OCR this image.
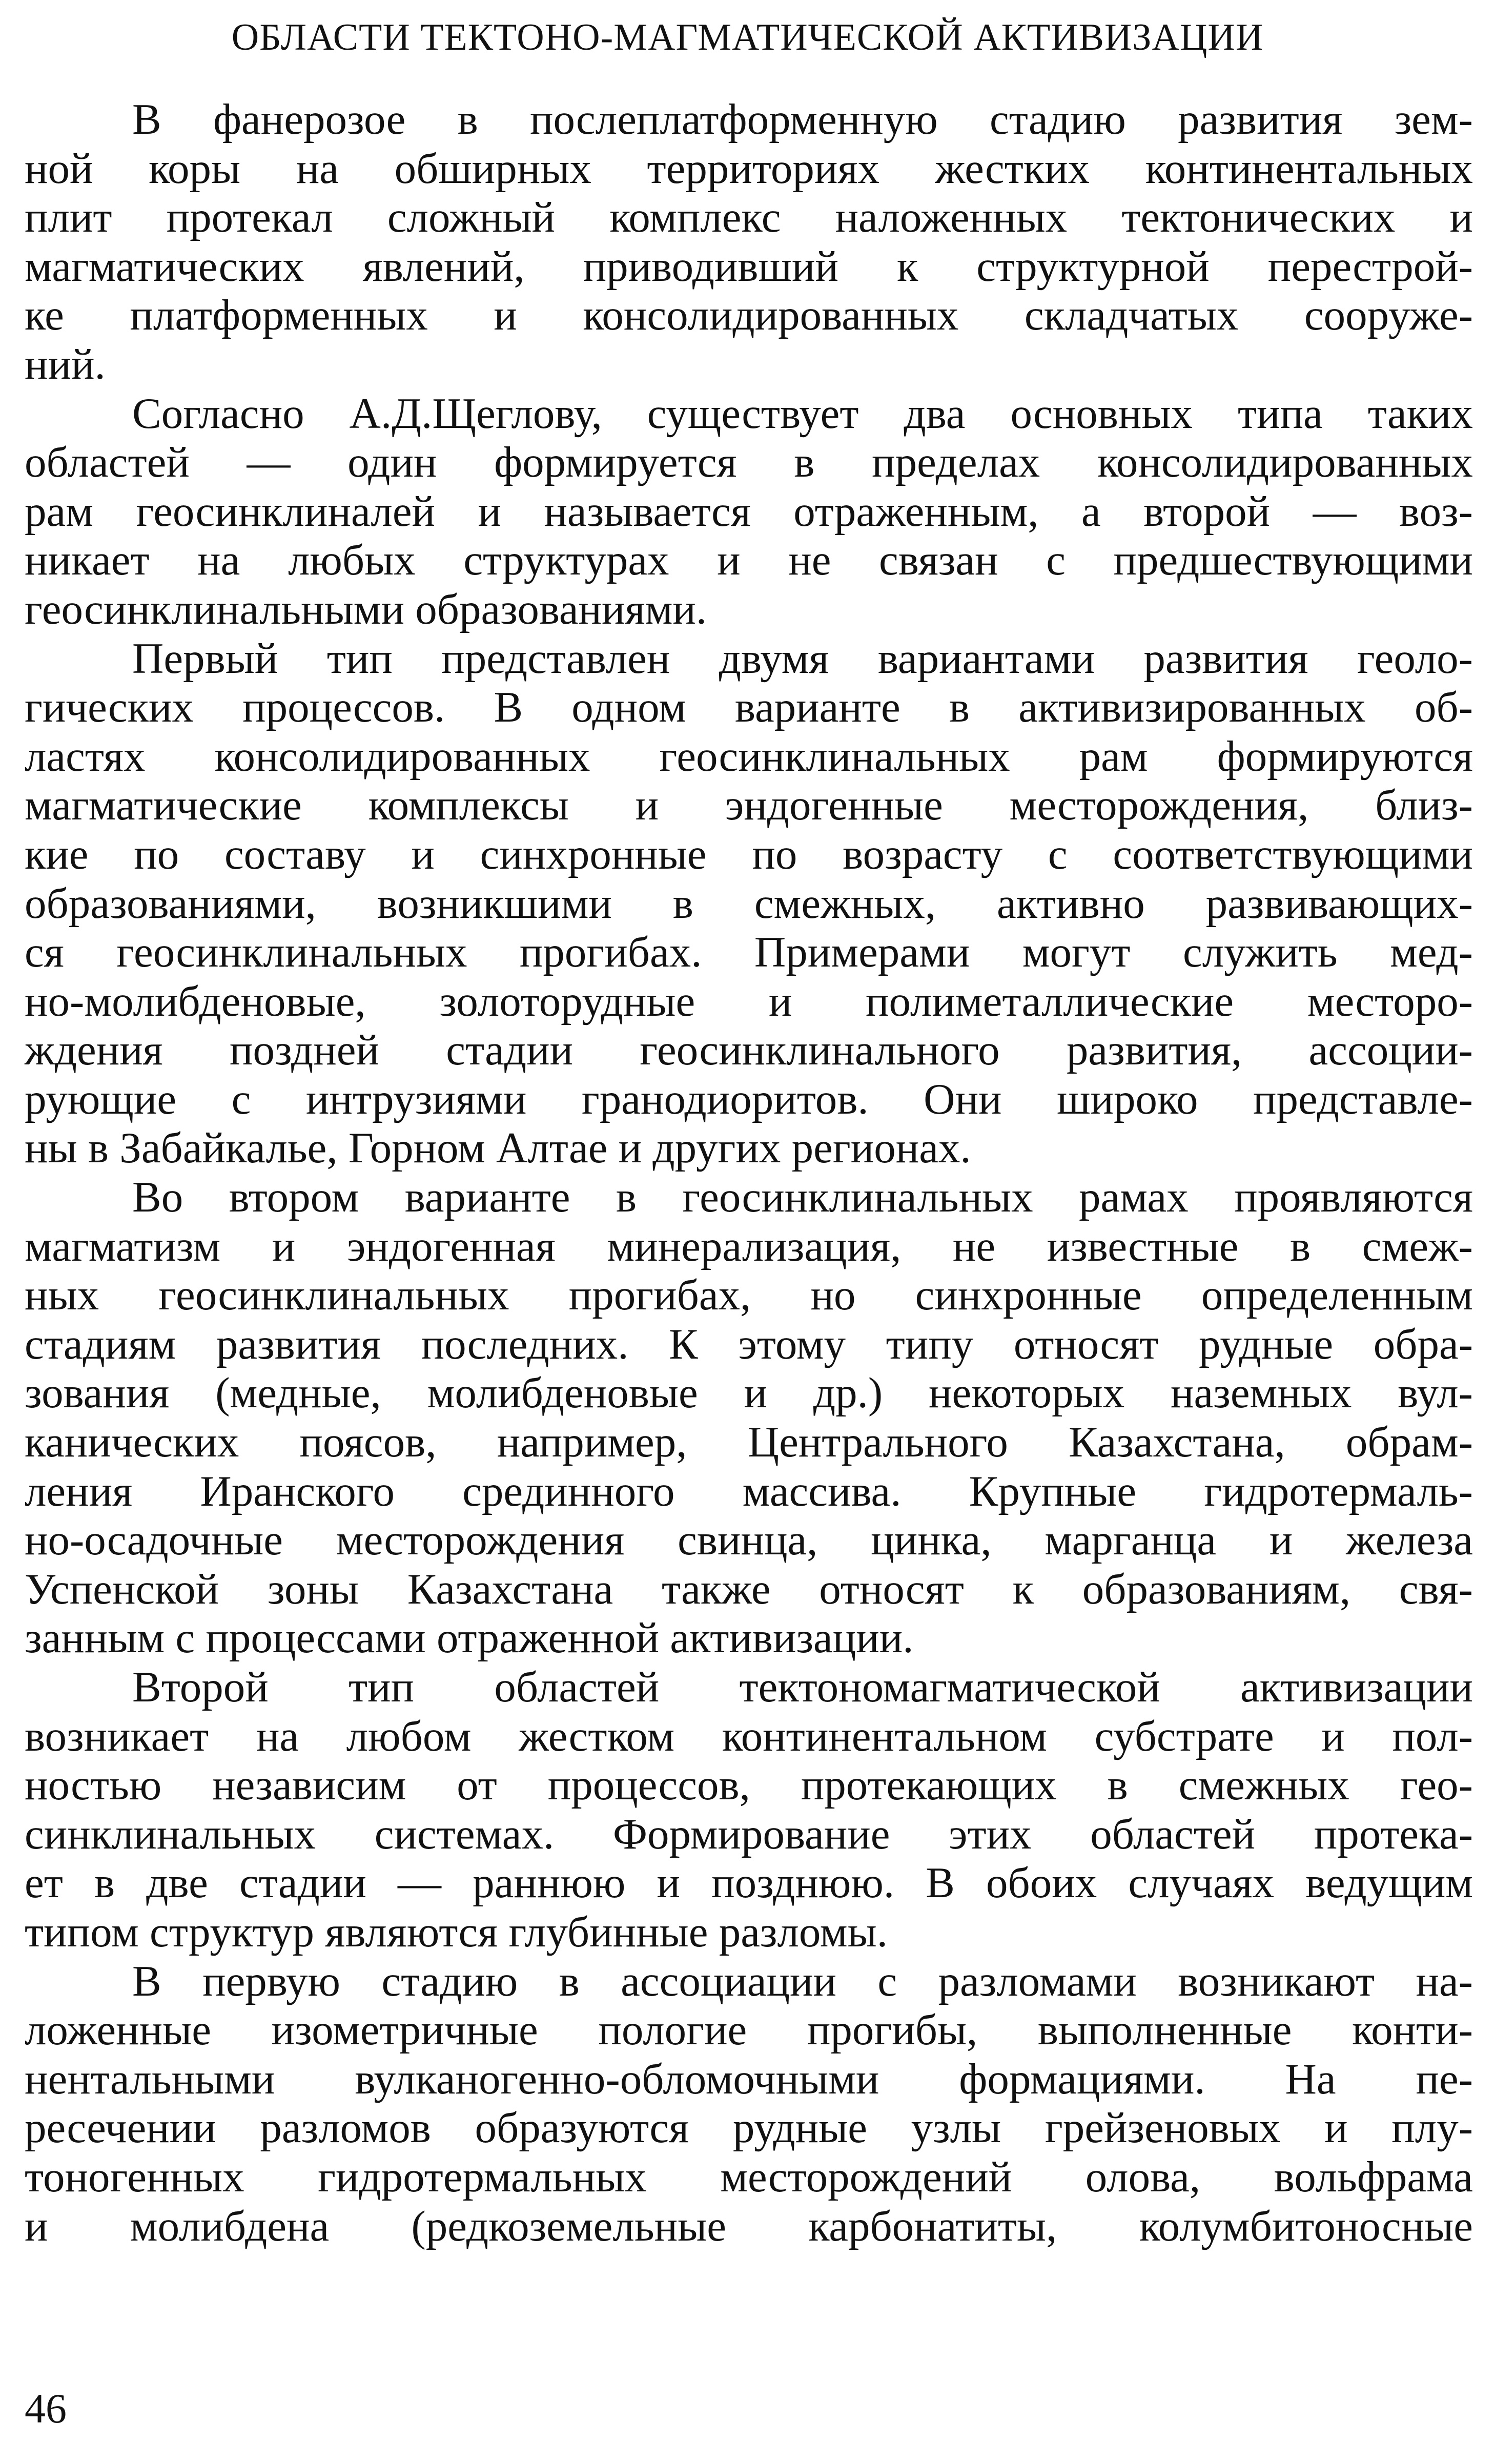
ОБЛАСТИ ТЕКТОНО-МАГМАТИЧЕСКОЙ АКТИВИЗАЦИИ
В фанерозое в послеплатформенную стадию развития зем-
ной коры на обширных территориях жестких континентальных
плит протекал сложный комплекс наложенных тектонических и
магматических явлений, приводивший к структурной перестрой-
ке платформенных и консолидированных складчатых сооруже-
ний.
Согласно А.Д.Щеглову, существует два основных типа таких
областей — один формируется в пределах консолидированных
рам геосинклиналей и называется отраженным, а второй — воз-
никает на любых структурах и не связан с предшествующими
геосинклинальными образованиями.
Первый тип представлен двумя вариантами развития геоло-
гических процессов. В одном варианте в активизированных об-
ластях консолидированных геосинклинальных рам формируются
магматические комплексы и эндогенные месторождения, близ-
кие по составу и синхронные по возрасту с соответствующими
образованиями, возникшими в смежных, активно развивающих-
ся геосинклинальных прогибах. Примерами могут служить мед-
но-молибденовые, золоторудные и полиметаллические месторо-
ждения поздней стадии геосинклинального развития, ассоции-
рующие с интрузиями гранодиоритов. Они широко представле-
ны в Забайкалье, Горном Алтае и других регионах.
Во втором варианте в геосинклинальных рамах проявляются
магматизм и эндогенная минерализация, не известные в смеж-
ных геосинклинальных прогибах, но синхронные определенным
стадиям развития последних. К этому типу относят рудные обра-
зования (медные, молибденовые и др.) некоторых наземных вул-
канических поясов, например, Центрального Казахстана, обрам-
ления Иранского срединного массива. Крупные гидротермаль-
но-осадочные месторождения свинца, цинка, марганца и железа
Успенской зоны Казахстана также относят к образованиям, свя-
занным с процессами отраженной активизации.
Второй тип областей тектономагматической активизации
возникает на любом жестком континентальном субстрате и пол-
ностью независим от процессов, протекающих в смежных гео-
синклинальных системах. Формирование этих областей протека-
ет в две стадии — раннюю и позднюю. В обоих случаях ведущим
типом структур являются глубинные разломы.
В первую стадию в ассоциации с разломами возникают на-
ложенные изометричные пологие прогибы, выполненные конти-
нентальными вулканогенно-обломочными формациями. На пе-
ресечении разломов образуются рудные узлы грейзеновых и плу-
тоногенных гидротермальных месторождений олова, вольфрама
и молибдена (редкоземельные карбонатиты, колумбитоносные
46
